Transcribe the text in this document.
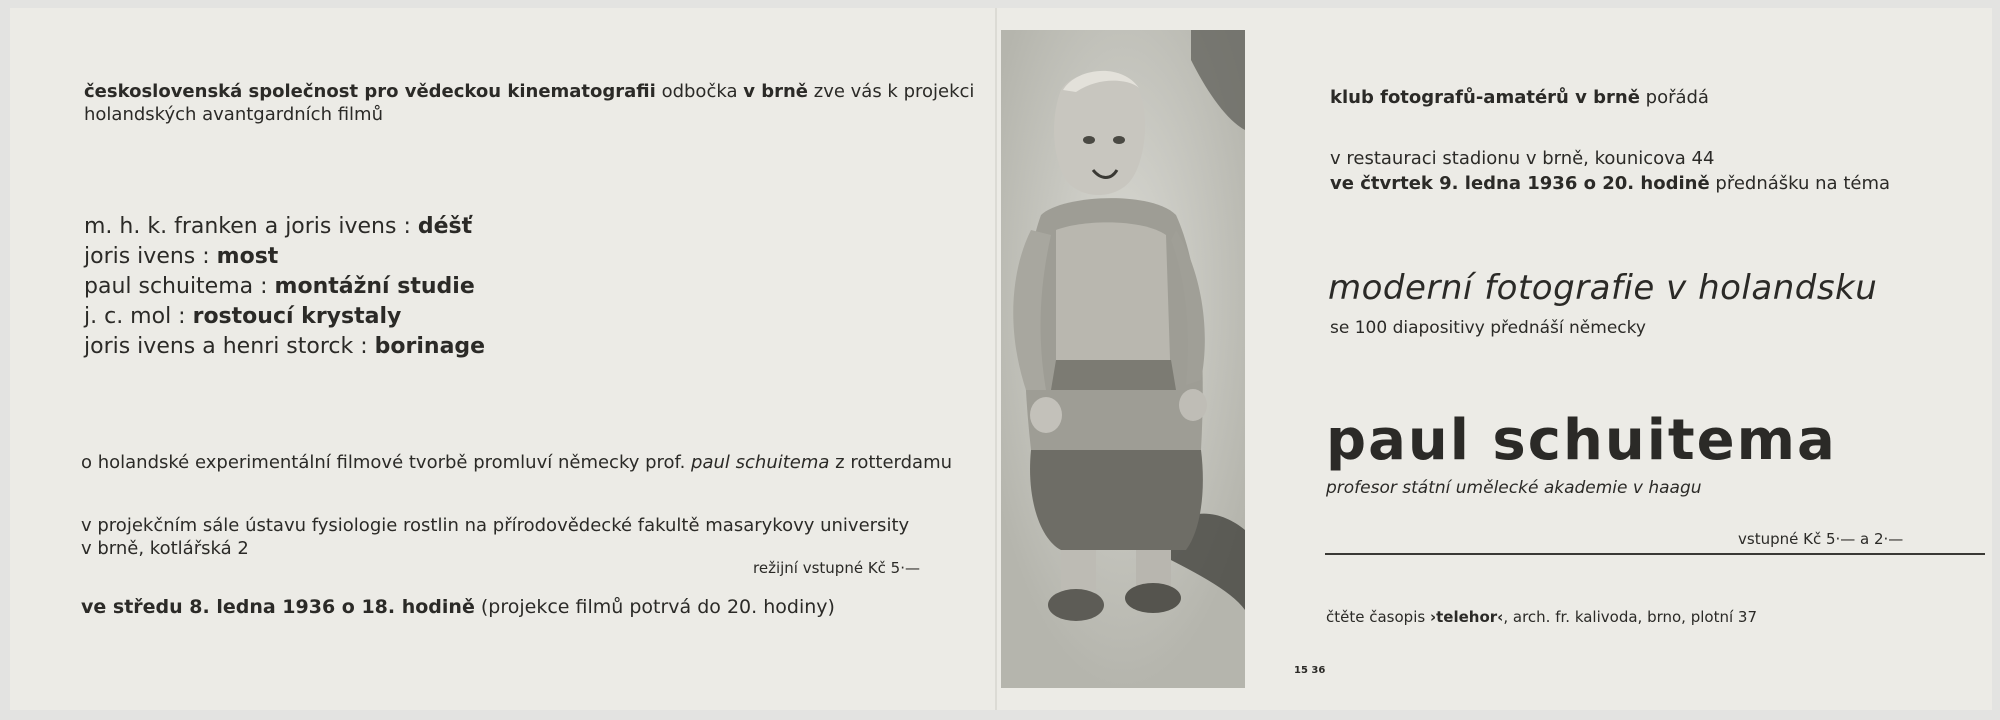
československá společnost pro vědeckou kinematografii odbočka v brně zve vás k projekci
holandských avantgardních filmů
m. h. k. franken a joris ivens : déšť
joris ivens : most
paul schuitema : montážní studie
j. c. mol : rostoucí krystaly
joris ivens a henri storck : borinage
o holandské experimentální filmové tvorbě promluví německy prof. paul schuitema z rotterdamu
v projekčním sále ústavu fysiologie rostlin na přírodovědecké fakultě masarykovy university
v brně, kotlářská 2
režijní vstupné Kč 5·—
ve středu 8. ledna 1936 o 18. hodině (projekce filmů potrvá do 20. hodiny)
klub fotografů-amatérů v brně pořádá
v restauraci stadionu v brně, kounicova 44
ve čtvrtek 9. ledna 1936 o 20. hodině přednášku na téma
moderní fotografie v holandsku
se 100 diapositivy přednáší německy
paul schuitema
profesor státní umělecké akademie v haagu
vstupné Kč 5·— a 2·—
čtěte časopis ›telehor‹, arch. fr. kalivoda, brno, plotní 37
15 36
